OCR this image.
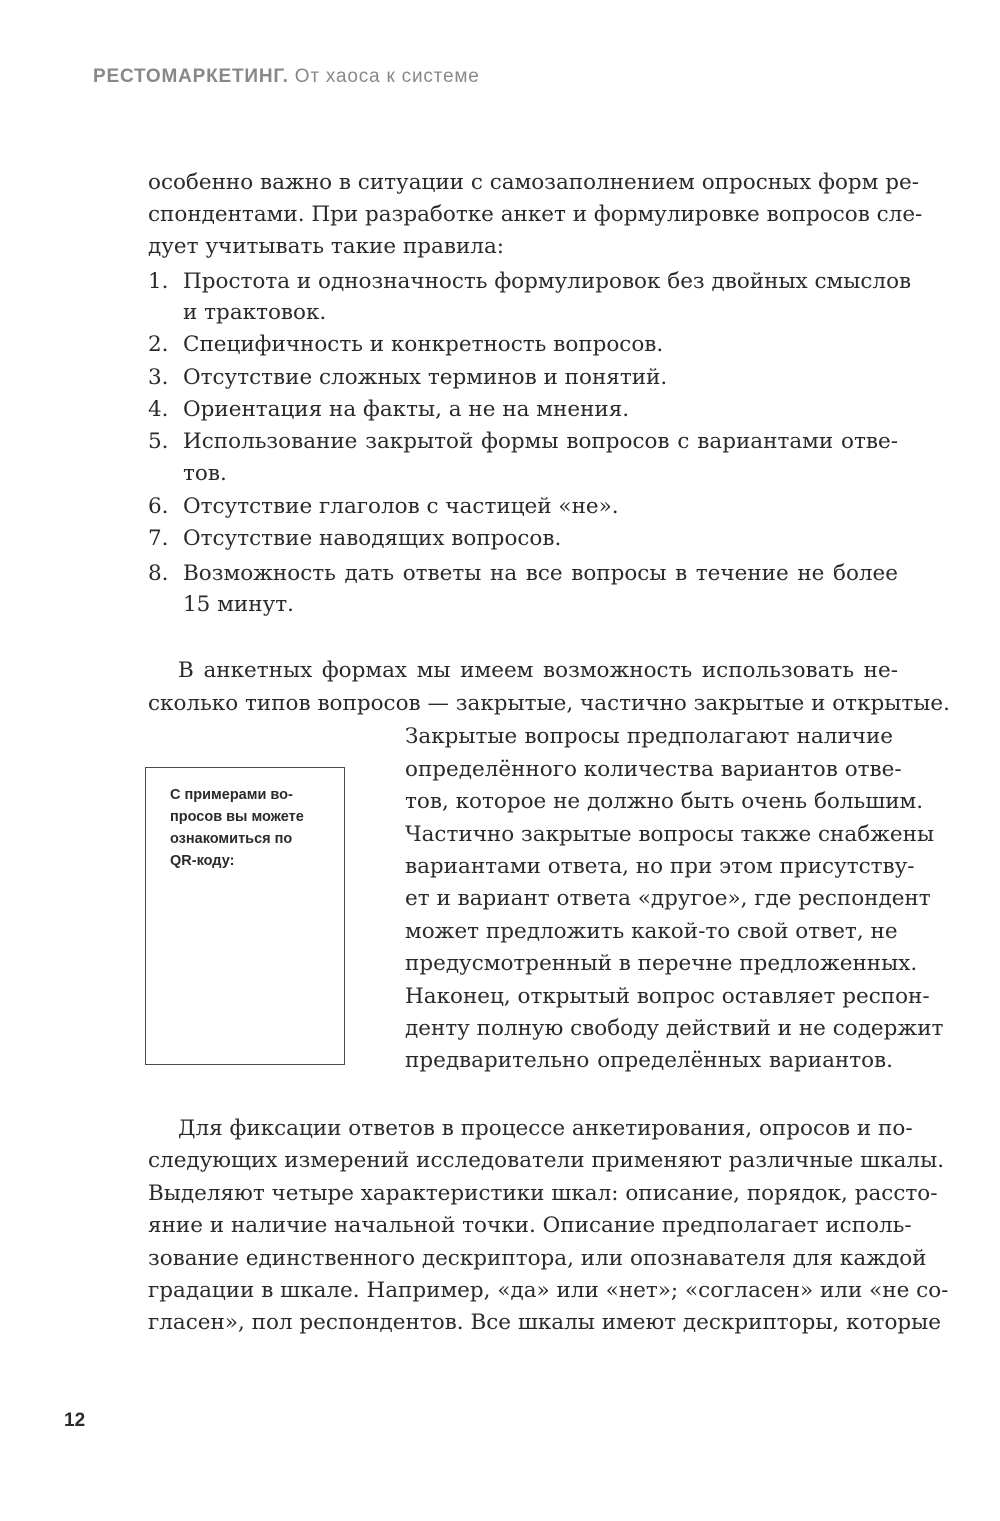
РЕСТОМАРКЕТИНГ. От хаоса к системе
особенно важно в ситуации с самозаполнением опросных форм ре-
спондентами. При разработке анкет и формулировке вопросов сле-
дует учитывать такие правила:
1. Простота и однозначность формулировок без двойных смыслов
и трактовок.
2. Специфичность и конкретность вопросов.
3. Отсутствие сложных терминов и понятий.
4. Ориентация на факты, а не на мнения.
5. Использование закрытой формы вопросов с вариантами отве-
тов.
6. Отсутствие глаголов с частицей «не».
7. Отсутствие наводящих вопросов.
8. Возможность дать ответы на все вопросы в течение не более
15 минут.
В анкетных формах мы имеем возможность использовать не-
сколько типов вопросов — закрытые, частично закрытые и открытые.
Закрытые вопросы предполагают наличие
определённого количества вариантов отве-
тов, которое не должно быть очень большим.
Частично закрытые вопросы также снабжены
вариантами ответа, но при этом присутству-
ет и вариант ответа «другое», где респондент
может предложить какой-то свой ответ, не
предусмотренный в перечне предложенных.
Наконец, открытый вопрос оставляет респон-
денту полную свободу действий и не содержит
предварительно определённых вариантов.
С примерами во-
просов вы можете
ознакомиться по
QR-коду:
Для фиксации ответов в процессе анкетирования, опросов и по-
следующих измерений исследователи применяют различные шкалы.
Выделяют четыре характеристики шкал: описание, порядок, рассто-
яние и наличие начальной точки. Описание предполагает исполь-
зование единственного дескриптора, или опознавателя для каждой
градации в шкале. Например, «да» или «нет»; «согласен» или «не со-
гласен», пол респондентов. Все шкалы имеют дескрипторы, которые
12
